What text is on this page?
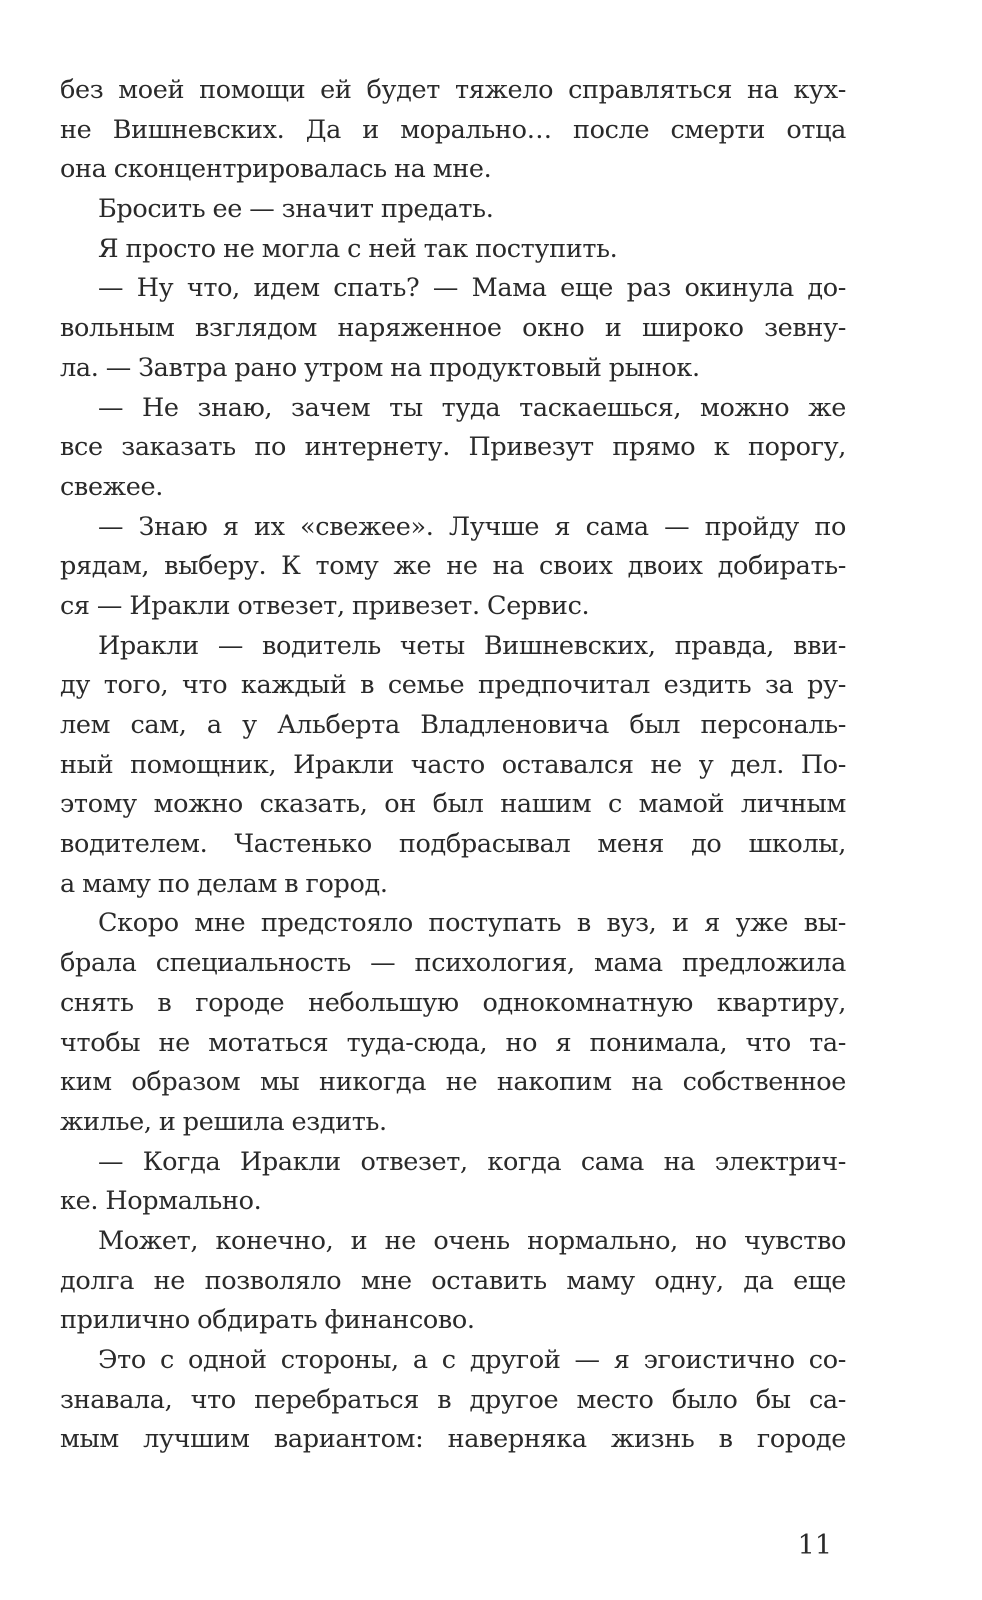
без моей помощи ей будет тяжело справляться на кух-
не Вишневских. Да и морально… после смерти отца
она сконцентрировалась на мне.
Бросить ее — значит предать.
Я просто не могла с ней так поступить.
— Ну что, идем спать? — Мама еще раз окинула до-
вольным взглядом наряженное окно и широко зевну-
ла. — Завтра рано утром на продуктовый рынок.
— Не знаю, зачем ты туда таскаешься, можно же
все заказать по интернету. Привезут прямо к порогу,
свежее.
— Знаю я их «свежее». Лучше я сама — пройду по
рядам, выберу. К тому же не на своих двоих добирать-
ся — Иракли отвезет, привезет. Сервис.
Иракли — водитель четы Вишневских, правда, вви-
ду того, что каждый в семье предпочитал ездить за ру-
лем сам, а у Альберта Владленовича был персональ-
ный помощник, Иракли часто оставался не у дел. По-
этому можно сказать, он был нашим с мамой личным
водителем. Частенько подбрасывал меня до школы,
а маму по делам в город.
Скоро мне предстояло поступать в вуз, и я уже вы-
брала специальность — психология, мама предложила
снять в городе небольшую однокомнатную квартиру,
чтобы не мотаться туда-сюда, но я понимала, что та-
ким образом мы никогда не накопим на собственное
жилье, и решила ездить.
— Когда Иракли отвезет, когда сама на электрич-
ке. Нормально.
Может, конечно, и не очень нормально, но чувство
долга не позволяло мне оставить маму одну, да еще
прилично обдирать финансово.
Это с одной стороны, а с другой — я эгоистично со-
знавала, что перебраться в другое место было бы са-
мым лучшим вариантом: наверняка жизнь в городе
11
